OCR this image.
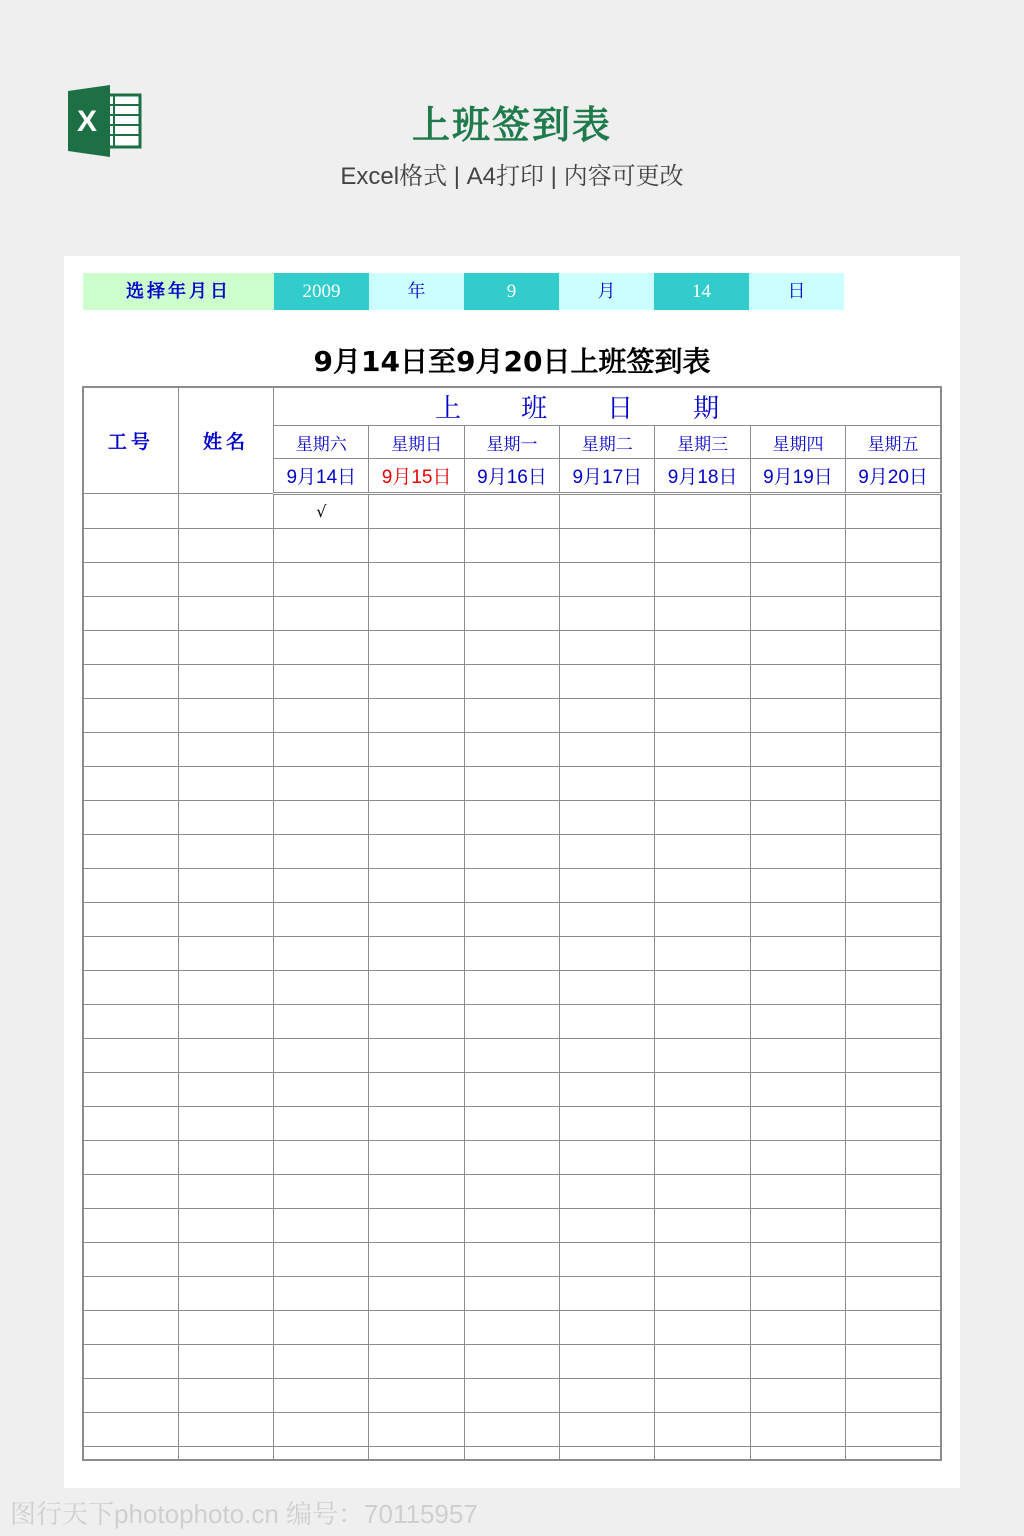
X	上班签到表
Excel格式 | A4打印 | 内容可更改
选择年月日	2009	年	9	月	14	日
9月14日至9月20日上班签到表
工号	姓名	上班日期						
		星期六	星期日	星期一	星期二	星期三	星期四	星期五
		9月14日	9月15日	9月16日	9月17日	9月18日	9月19日	9月20日
		√						

图行天下photophoto.cn 编号：70115957
